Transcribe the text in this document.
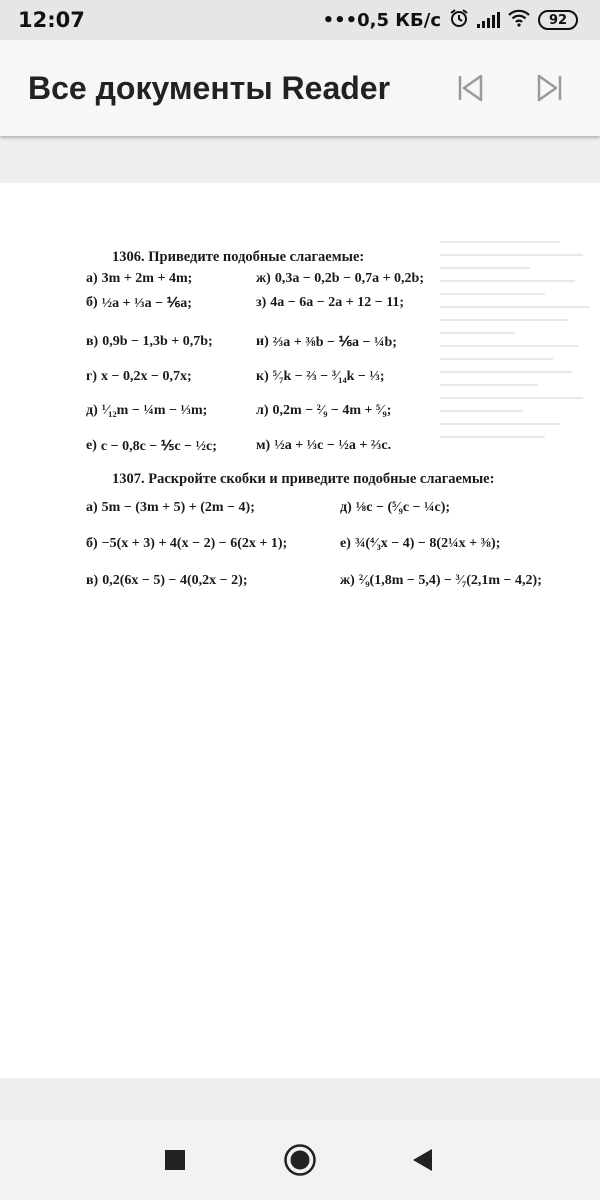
12:07	•••0,5 КБ/с	92
Все документы Reader
1306. Приведите подобные слагаемые:
а) 3m + 2m + 4m;
б) ½a + ⅓a − ⅙a;
в) 0,9b − 1,3b + 0,7b;
г) x − 0,2x − 0,7x;
д) ¹⁄₁₂m − ¼m − ⅓m;
е) c − 0,8c − ⅕c − ½c;
ж) 0,3a − 0,2b − 0,7a + 0,2b;
з) 4a − 6a − 2a + 12 − 11;
и) ⅔a + ⅜b − ⅙a − ¼b;
к) ⁵⁄₇k − ⅔ − ³⁄₁₄k − ⅓;
л) 0,2m − ²⁄₉ − 4m + ⁵⁄₉;
м) ½a + ⅓c − ½a + ⅔c.
1307. Раскройте скобки и приведите подобные слагаемые:
а) 5m − (3m + 5) + (2m − 4);
б) −5(x + 3) + 4(x − 2) − 6(2x + 1);
в) 0,2(6x − 5) − 4(0,2x − 2);
д) ⅛c − (⁵⁄₉c − ¼c);
е) ¾(⁴⁄₃x − 4) − 8(2¼x + ⅜);
ж) ²⁄₉(1,8m − 5,4) − ³⁄₇(2,1m − 4,2);
